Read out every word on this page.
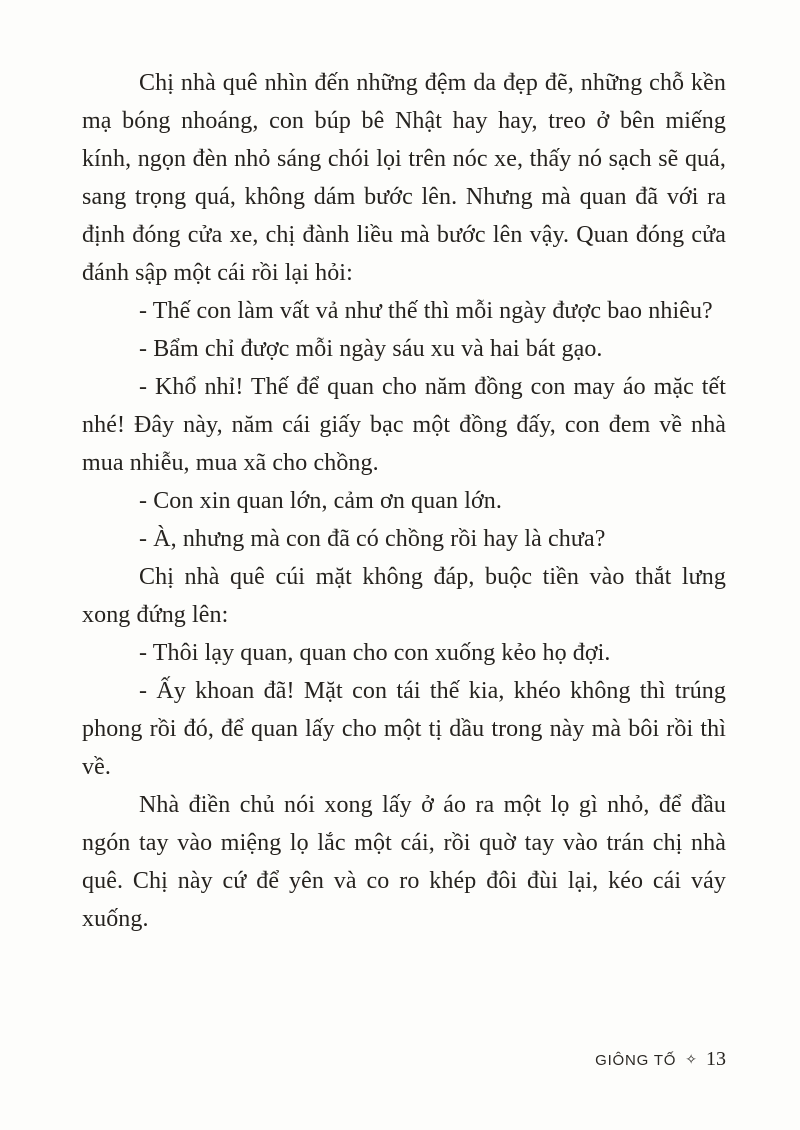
Chị nhà quê nhìn đến những đệm da đẹp đẽ, những chỗ kền mạ bóng nhoáng, con búp bê Nhật hay hay, treo ở bên miếng kính, ngọn đèn nhỏ sáng chói lọi trên nóc xe, thấy nó sạch sẽ quá, sang trọng quá, không dám bước lên. Nhưng mà quan đã với ra định đóng cửa xe, chị đành liều mà bước lên vậy. Quan đóng cửa đánh sập một cái rồi lại hỏi:

- Thế con làm vất vả như thế thì mỗi ngày được bao nhiêu?

- Bẩm chỉ được mỗi ngày sáu xu và hai bát gạo.

- Khổ nhỉ! Thế để quan cho năm đồng con may áo mặc tết nhé! Đây này, năm cái giấy bạc một đồng đấy, con đem về nhà mua nhiễu, mua xã cho chồng.

- Con xin quan lớn, cảm ơn quan lớn.

- À, nhưng mà con đã có chồng rồi hay là chưa?

Chị nhà quê cúi mặt không đáp, buộc tiền vào thắt lưng xong đứng lên:

- Thôi lạy quan, quan cho con xuống kẻo họ đợi.

- Ấy khoan đã! Mặt con tái thế kia, khéo không thì trúng phong rồi đó, để quan lấy cho một tị dầu trong này mà bôi rồi thì về.

Nhà điền chủ nói xong lấy ở áo ra một lọ gì nhỏ, để đầu ngón tay vào miệng lọ lắc một cái, rồi quờ tay vào trán chị nhà quê. Chị này cứ để yên và co ro khép đôi đùi lại, kéo cái váy xuống.

GIÔNG TỐ ✧ 13
